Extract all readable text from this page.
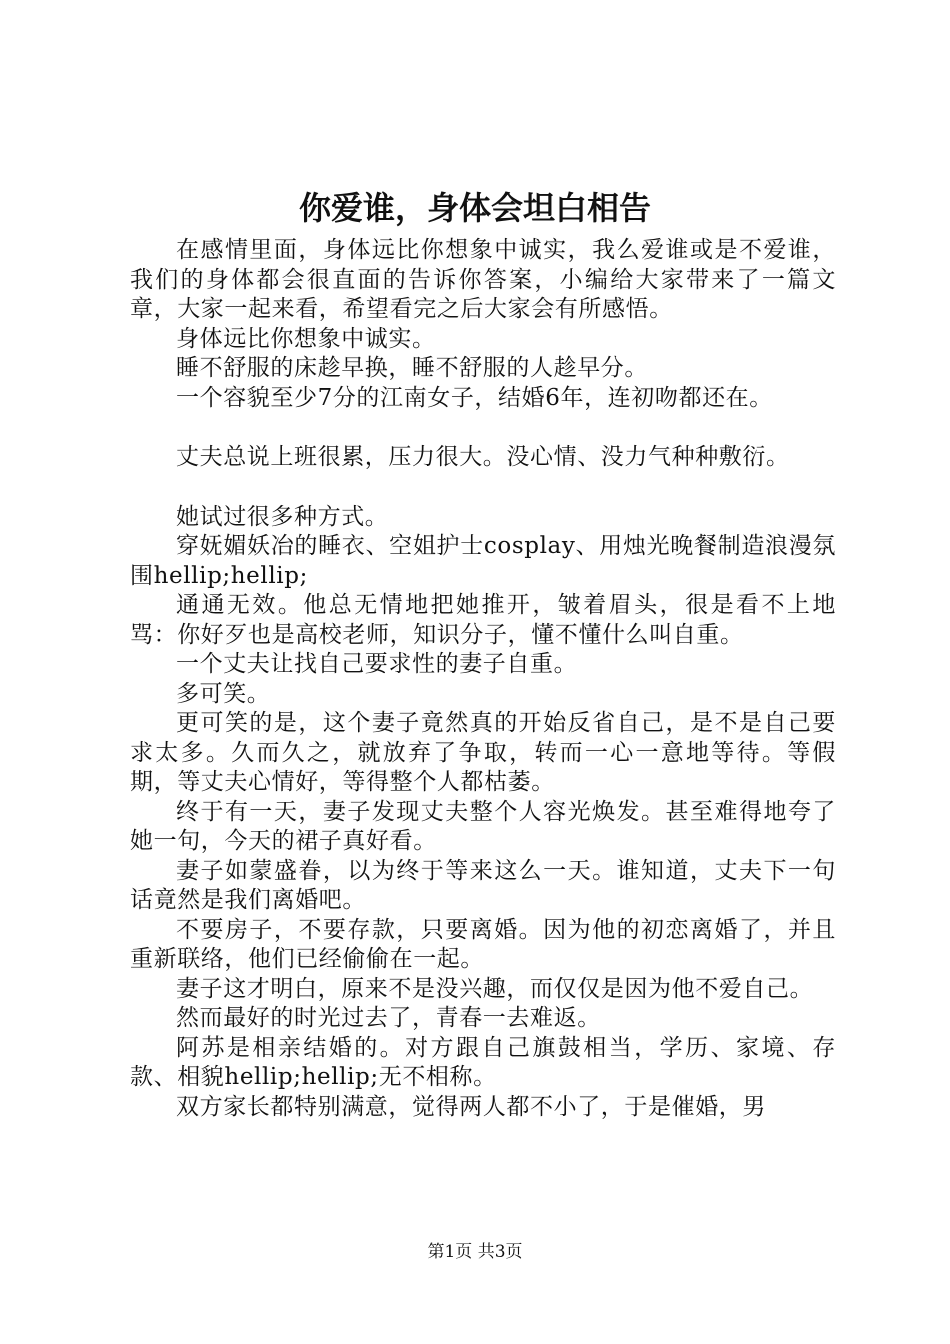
你爱谁，身体会坦白相告

在感情里面，身体远比你想象中诚实，我么爱谁或是不爱谁，我们的身体都会很直面的告诉你答案，小编给大家带来了一篇文章，大家一起来看，希望看完之后大家会有所感悟。

身体远比你想象中诚实。

睡不舒服的床趁早换，睡不舒服的人趁早分。

一个容貌至少7分的江南女子，结婚6年，连初吻都还在。

丈夫总说上班很累，压力很大。没心情、没力气种种敷衍。

她试过很多种方式。

穿妩媚妖冶的睡衣、空姐护士cosplay、用烛光晚餐制造浪漫氛围hellip;hellip;

通通无效。他总无情地把她推开，皱着眉头，很是看不上地骂：你好歹也是高校老师，知识分子，懂不懂什么叫自重。

一个丈夫让找自己要求性的妻子自重。

多可笑。

更可笑的是，这个妻子竟然真的开始反省自己，是不是自己要求太多。久而久之，就放弃了争取，转而一心一意地等待。等假期，等丈夫心情好，等得整个人都枯萎。

终于有一天，妻子发现丈夫整个人容光焕发。甚至难得地夸了她一句，今天的裙子真好看。

妻子如蒙盛眷，以为终于等来这么一天。谁知道，丈夫下一句话竟然是我们离婚吧。

不要房子，不要存款，只要离婚。因为他的初恋离婚了，并且重新联络，他们已经偷偷在一起。

妻子这才明白，原来不是没兴趣，而仅仅是因为他不爱自己。

然而最好的时光过去了，青春一去难返。

阿苏是相亲结婚的。对方跟自己旗鼓相当，学历、家境、存款、相貌hellip;hellip;无不相称。

双方家长都特别满意，觉得两人都不小了，于是催婚，男

第1页 共3页
